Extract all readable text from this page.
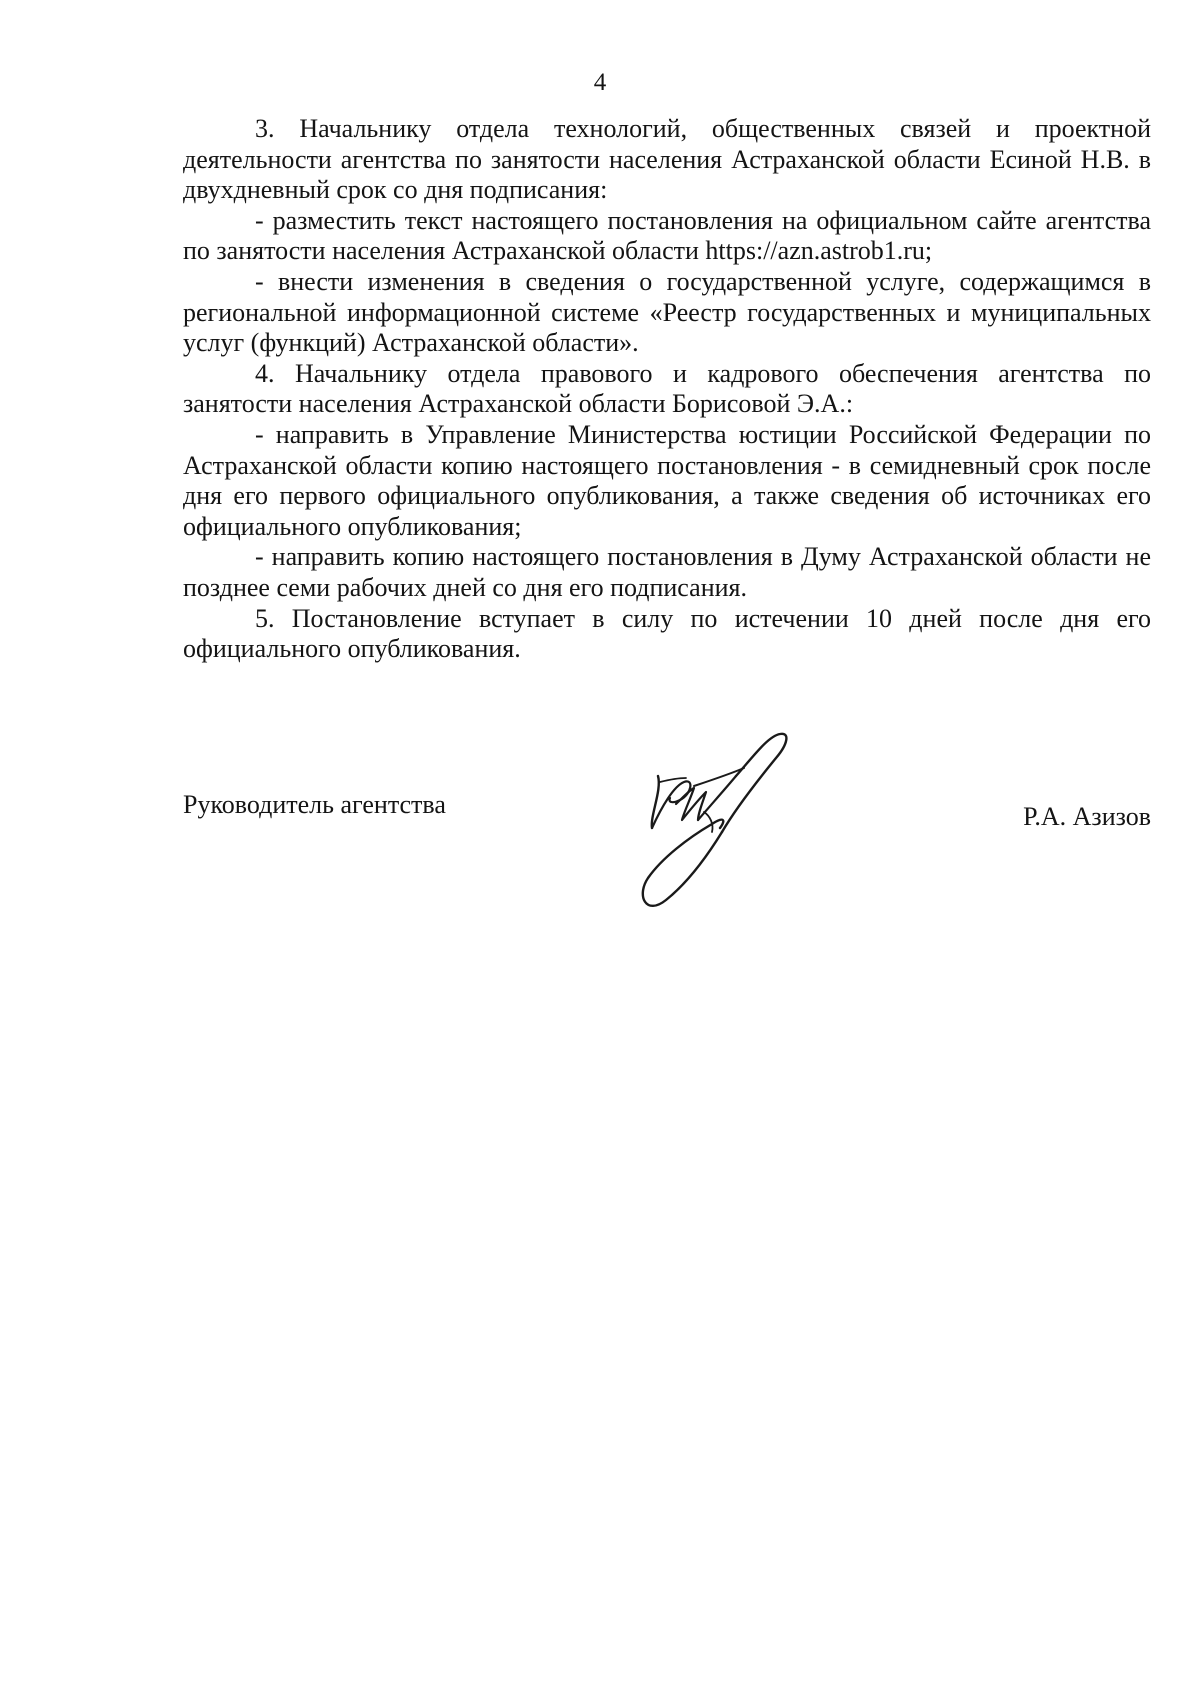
4

3. Начальнику отдела технологий, общественных связей и проектной деятельности агентства по занятости населения Астраханской области Есиной Н.В. в двухдневный срок со дня подписания:

- разместить текст настоящего постановления на официальном сайте агентства по занятости населения Астраханской области https://azn.astrob1.ru;

- внести изменения в сведения о государственной услуге, содержащимся в региональной информационной системе «Реестр государственных и муниципальных услуг (функций) Астраханской области».

4. Начальнику отдела правового и кадрового обеспечения агентства по занятости населения Астраханской области Борисовой Э.А.:

- направить в Управление Министерства юстиции Российской Федерации по Астраханской области копию настоящего постановления - в семидневный срок после дня его первого официального опубликования, а также сведения об источниках его официального опубликования;

- направить копию настоящего постановления в Думу Астраханской области не позднее семи рабочих дней со дня его подписания.

5. Постановление вступает в силу по истечении 10 дней после дня его официального опубликования.

Руководитель агентства	Р.А. Азизов
